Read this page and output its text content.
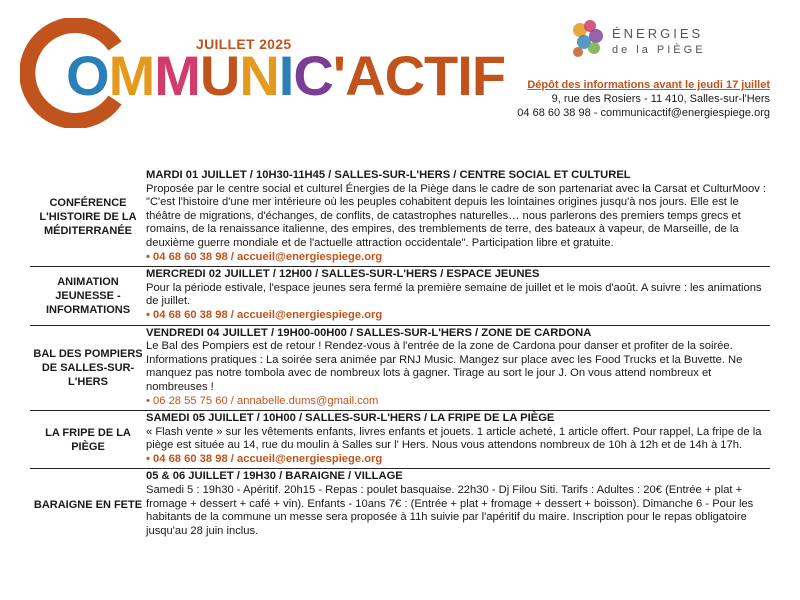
OMMUNIC'ACTIF
JUILLET 2025
ÉNERGIES
de la PIÈGE
Dépôt des informations avant le jeudi 17 juillet
9, rue des Rosiers - 11 410, Salles-sur-l'Hers
04 68 60 38 98 - communicactif@energiespiege.org
CONFÉRENCE L'HISTOIRE DE LA MÉDITERRANÉE
MARDI 01 JUILLET / 10H30-11H45 / SALLES-SUR-L'HERS / CENTRE SOCIAL ET CULTUREL
Proposée par le centre social et culturel Énergies de la Piège dans le cadre de son partenariat avec la Carsat et CulturMoov : "C'est l'histoire d'une mer intérieure où les peuples cohabitent depuis les lointaines origines jusqu'à nos jours. Elle est le théâtre de migrations, d'échanges, de conflits, de catastrophes naturelles… nous parlerons des premiers temps grecs et romains, de la renaissance italienne, des empires, des tremblements de terre, des bateaux à vapeur, de Marseille, de la deuxième guerre mondiale et de l'actuelle attraction occidentale". Participation libre et gratuite.
• 04 68 60 38 98 / accueil@energiespiege.org
ANIMATION JEUNESSE - INFORMATIONS
MERCREDI 02 JUILLET / 12H00 / SALLES-SUR-L'HERS / ESPACE JEUNES
Pour la période estivale, l'espace jeunes sera fermé la première semaine de juillet et le mois d'août. A suivre : les animations de juillet.
• 04 68 60 38 98 / accueil@energiespiege.org
BAL DES POMPIERS DE SALLES-SUR-L'HERS
VENDREDI 04 JUILLET / 19H00-00H00 / SALLES-SUR-L'HERS / ZONE DE CARDONA
Le Bal des Pompiers est de retour ! Rendez-vous à l'entrée de la zone de Cardona pour danser et profiter de la soirée. Informations pratiques : La soirée sera animée par RNJ Music. Mangez sur place avec les Food Trucks et la Buvette. Ne manquez pas notre tombola avec de nombreux lots à gagner. Tirage au sort le jour J. On vous attend nombreux et nombreuses !
• 06 28 55 75 60 / annabelle.dums@gmail.com
LA FRIPE DE LA PIÈGE
SAMEDI 05 JUILLET / 10H00 / SALLES-SUR-L'HERS / LA FRIPE DE LA PIÈGE
« Flash vente » sur les vêtements enfants, livres enfants et jouets. 1 article acheté, 1 article offert. Pour rappel, La fripe de la piège est située au 14, rue du moulin à Salles sur l' Hers. Nous vous attendons nombreux de 10h à 12h et de 14h à 17h.
• 04 68 60 38 98 / accueil@energiespiege.org
BARAIGNE EN FETE
05 & 06 JUILLET / 19H30 / BARAIGNE / VILLAGE
Samedi 5 : 19h30 - Apéritif. 20h15 - Repas : poulet basquaise. 22h30 - Dj Filou Siti. Tarifs : Adultes : 20€ (Entrée + plat + fromage + dessert + café + vin). Enfants - 10ans 7€ : (Entrée + plat + fromage + dessert + boisson). Dimanche 6 - Pour les habitants de la commune un messe sera proposée à 11h suivie par l'apéritif du maire. Inscription pour le repas obligatoire jusqu'au 28 juin inclus.
